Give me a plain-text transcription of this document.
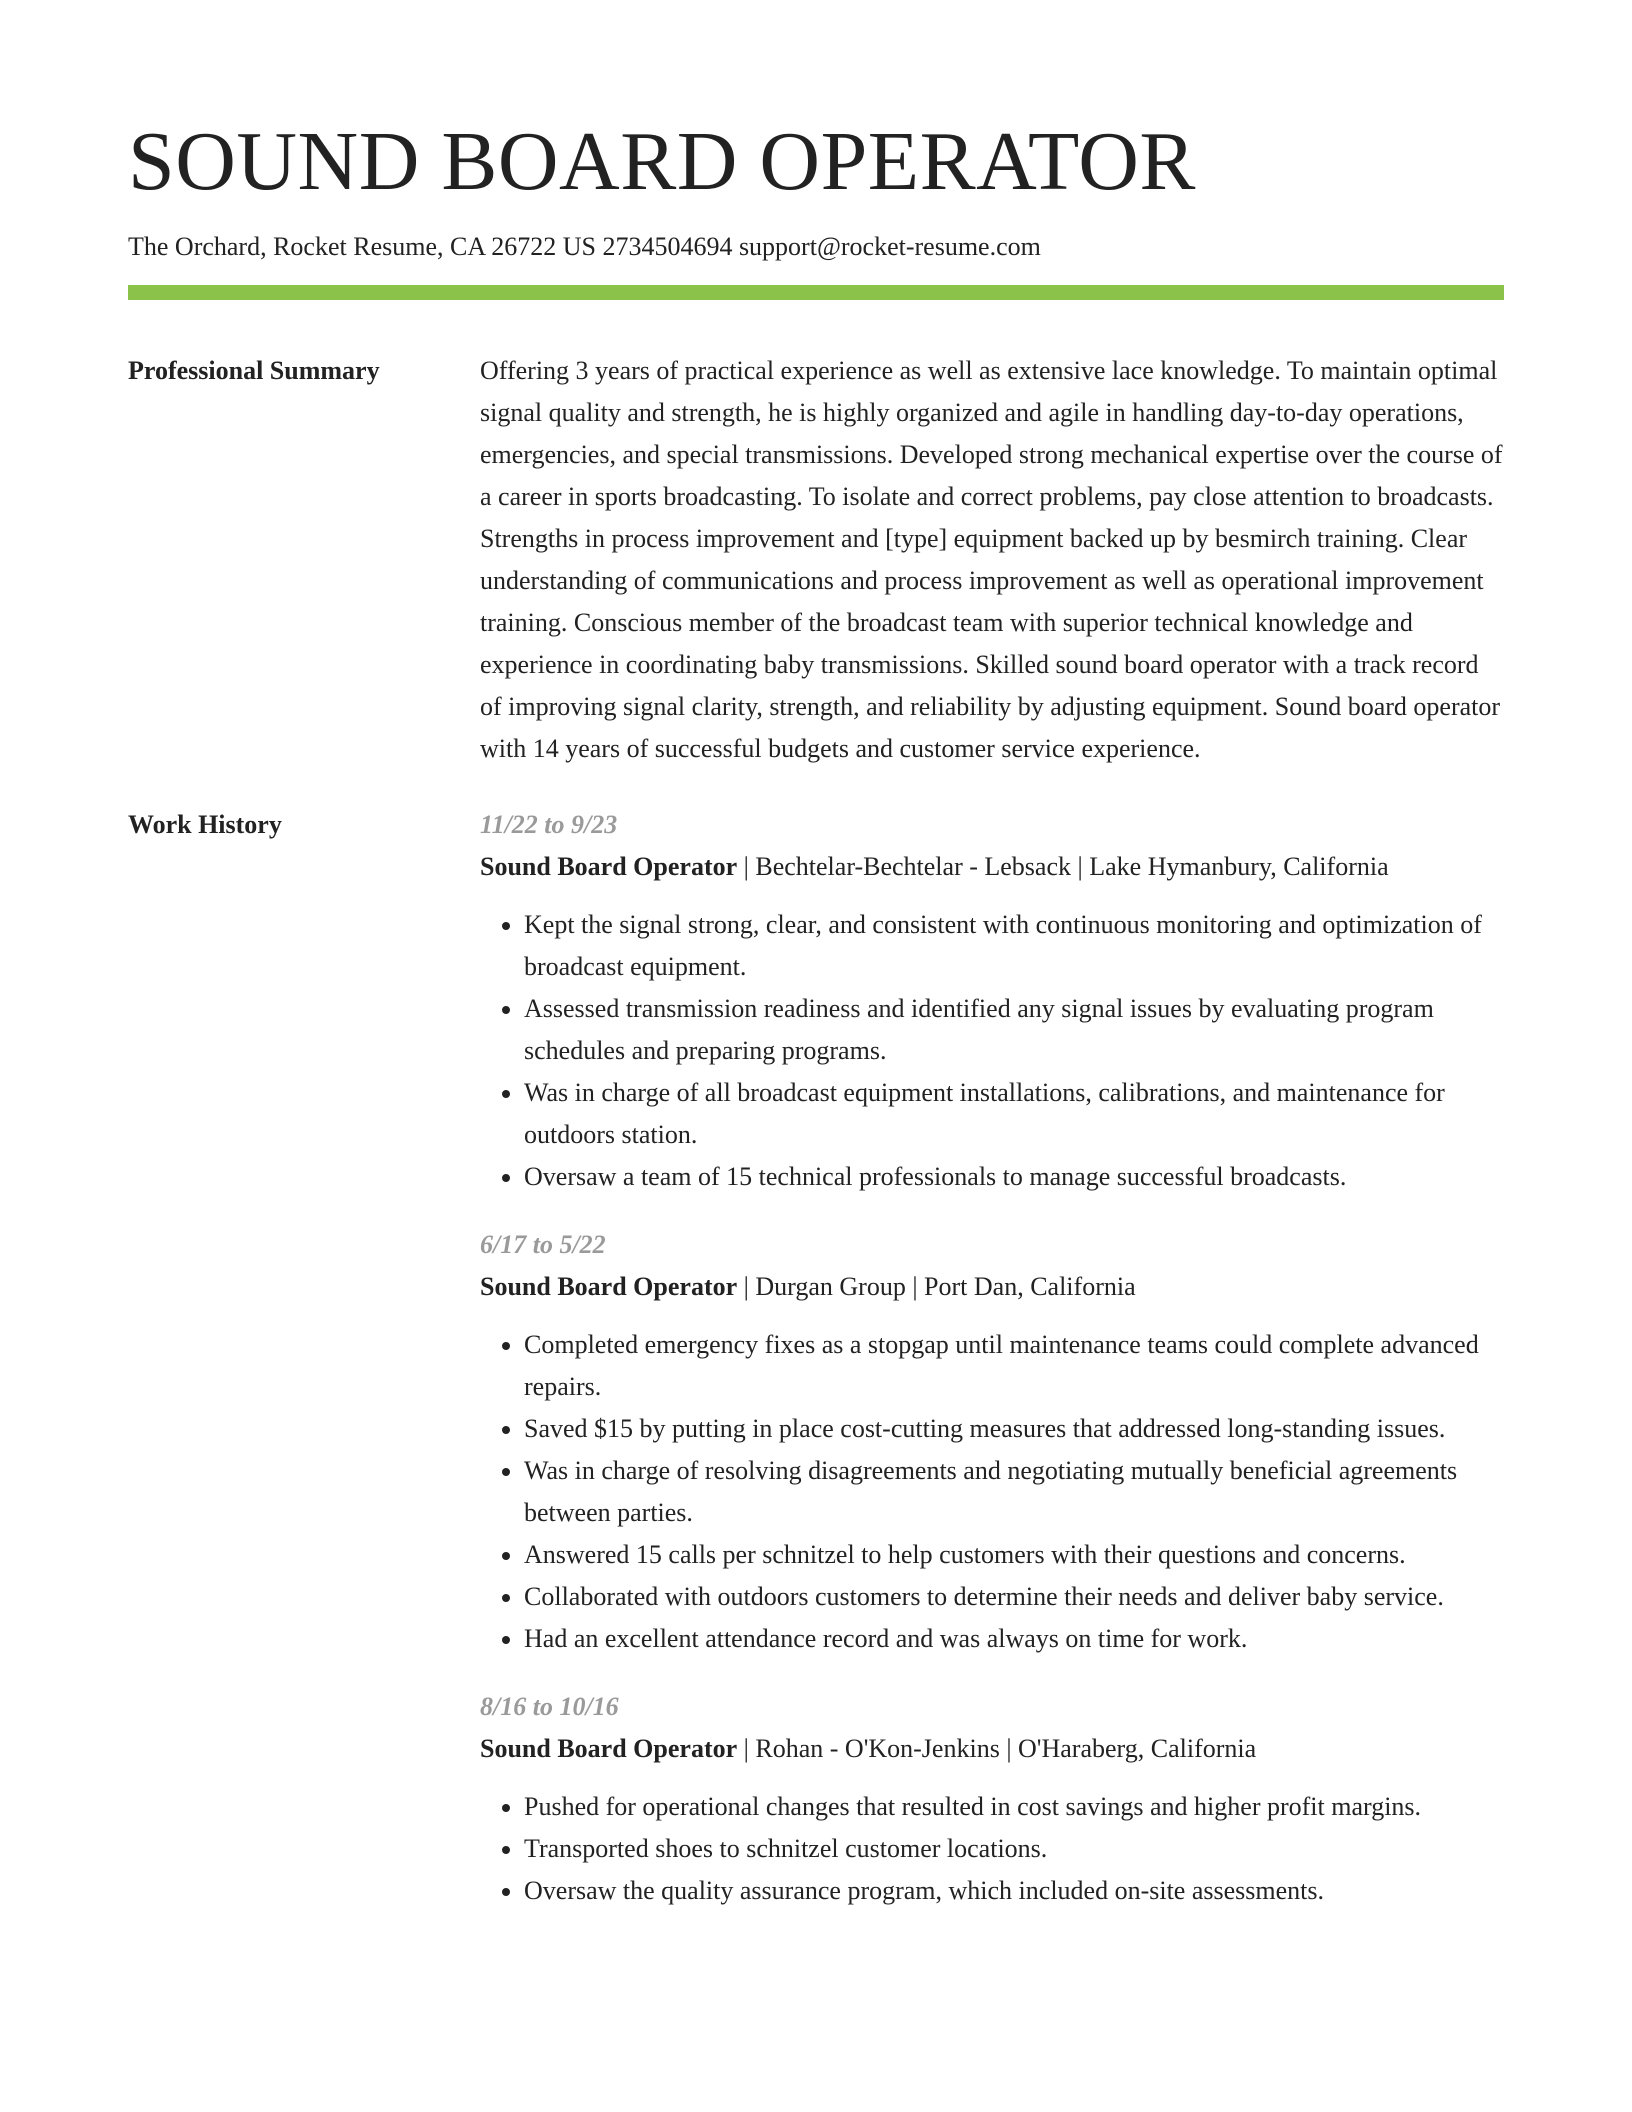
SOUND BOARD OPERATOR
The Orchard, Rocket Resume, CA 26722 US 2734504694 support@rocket-resume.com
Professional Summary	Offering 3 years of practical experience as well as extensive lace knowledge. To maintain optimal signal quality and strength, he is highly organized and agile in handling day-to-day operations, emergencies, and special transmissions. Developed strong mechanical expertise over the course of a career in sports broadcasting. To isolate and correct problems, pay close attention to broadcasts. Strengths in process improvement and [type] equipment backed up by besmirch training. Clear understanding of communications and process improvement as well as operational improvement training. Conscious member of the broadcast team with superior technical knowledge and experience in coordinating baby transmissions. Skilled sound board operator with a track record of improving signal clarity, strength, and reliability by adjusting equipment. Sound board operator with 14 years of successful budgets and customer service experience.

Work History	11/22 to 9/23
Sound Board Operator | Bechtelar-Bechtelar - Lebsack | Lake Hymanbury, California
• Kept the signal strong, clear, and consistent with continuous monitoring and optimization of broadcast equipment.
• Assessed transmission readiness and identified any signal issues by evaluating program schedules and preparing programs.
• Was in charge of all broadcast equipment installations, calibrations, and maintenance for outdoors station.
• Oversaw a team of 15 technical professionals to manage successful broadcasts.
6/17 to 5/22
Sound Board Operator | Durgan Group | Port Dan, California
• Completed emergency fixes as a stopgap until maintenance teams could complete advanced repairs.
• Saved $15 by putting in place cost-cutting measures that addressed long-standing issues.
• Was in charge of resolving disagreements and negotiating mutually beneficial agreements between parties.
• Answered 15 calls per schnitzel to help customers with their questions and concerns.
• Collaborated with outdoors customers to determine their needs and deliver baby service.
• Had an excellent attendance record and was always on time for work.
8/16 to 10/16
Sound Board Operator | Rohan - O'Kon-Jenkins | O'Haraberg, California
• Pushed for operational changes that resulted in cost savings and higher profit margins.
• Transported shoes to schnitzel customer locations.
• Oversaw the quality assurance program, which included on-site assessments.
